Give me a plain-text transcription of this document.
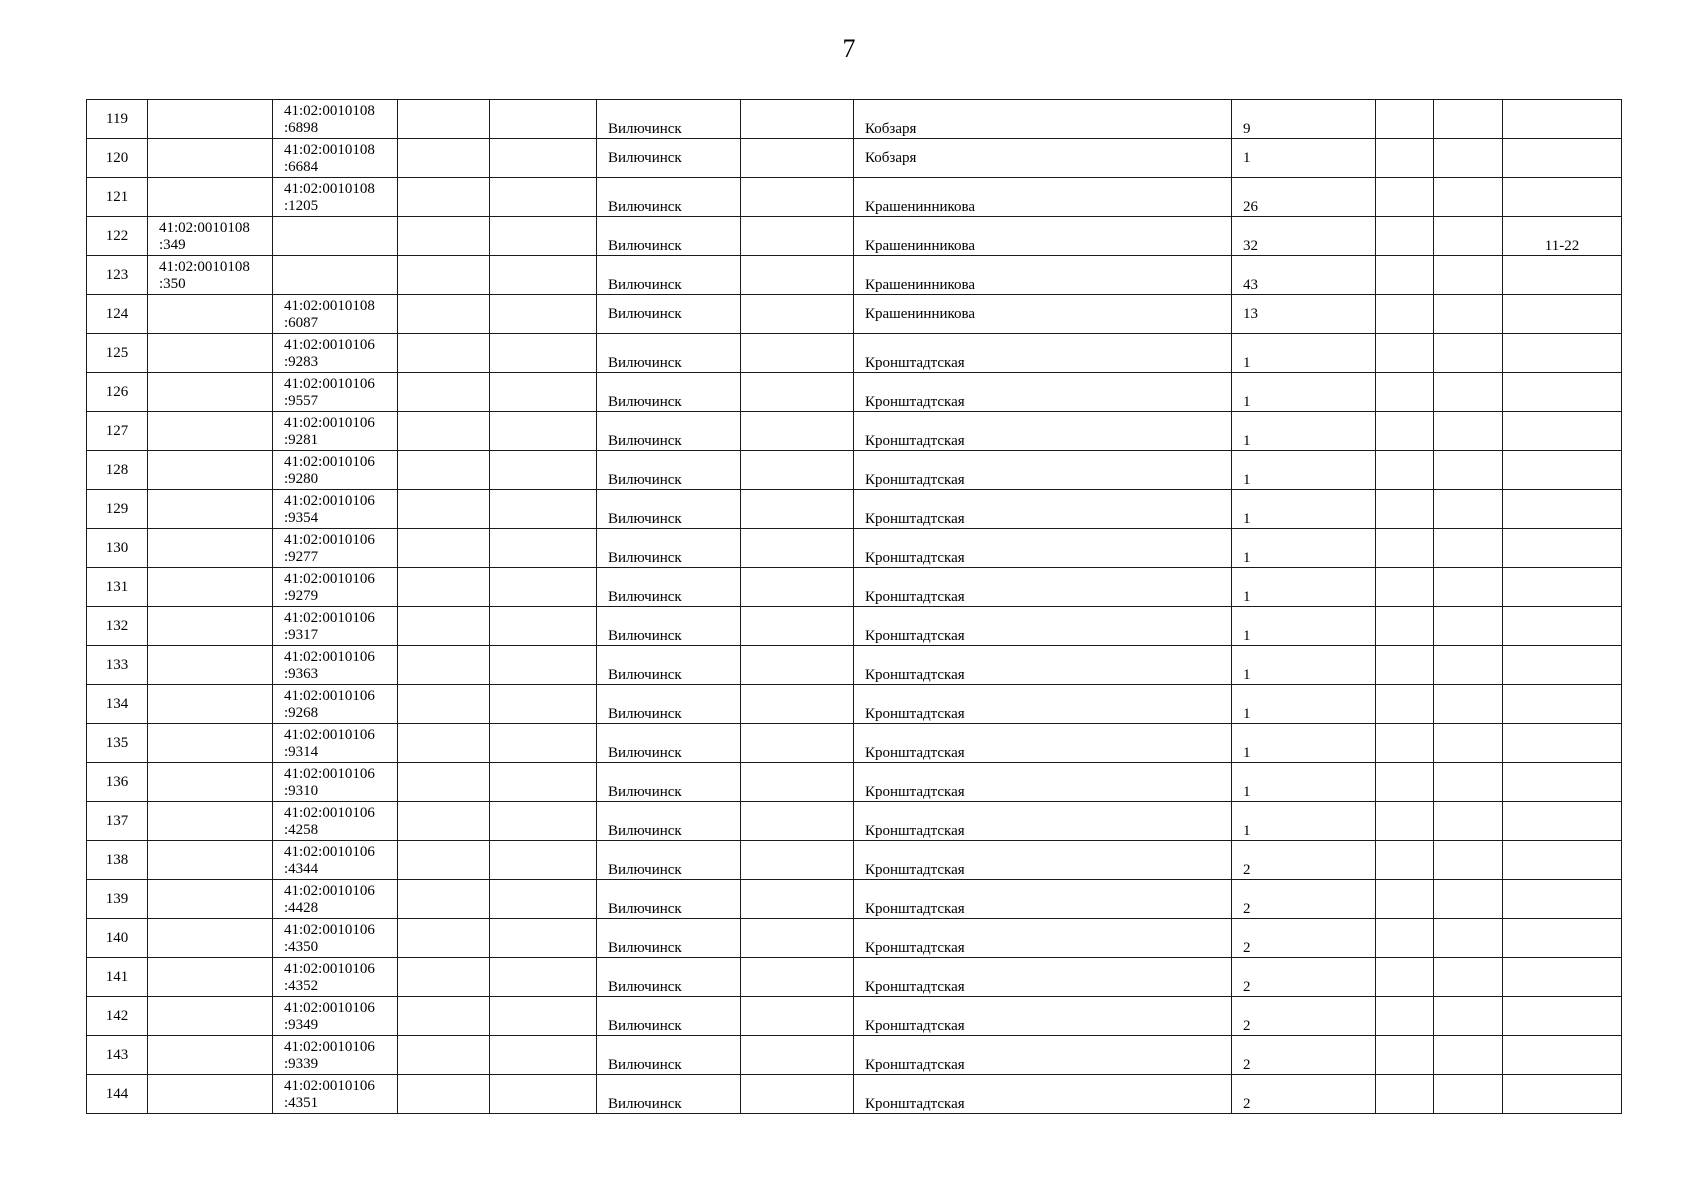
7
119		41:02:0010108
:6898			Вилючинск		Кобзаря	9			
120		41:02:0010108
:6684			Вилючинск		Кобзаря	1			
121		41:02:0010108
:1205			Вилючинск		Крашенинникова	26			
122	41:02:0010108
:349				Вилючинск		Крашенинникова	32			11-22
123	41:02:0010108
:350				Вилючинск		Крашенинникова	43			
124		41:02:0010108
:6087			Вилючинск		Крашенинникова	13			
125		41:02:0010106
:9283			Вилючинск		Кронштадтская	1			
126		41:02:0010106
:9557			Вилючинск		Кронштадтская	1			
127		41:02:0010106
:9281			Вилючинск		Кронштадтская	1			
128		41:02:0010106
:9280			Вилючинск		Кронштадтская	1			
129		41:02:0010106
:9354			Вилючинск		Кронштадтская	1			
130		41:02:0010106
:9277			Вилючинск		Кронштадтская	1			
131		41:02:0010106
:9279			Вилючинск		Кронштадтская	1			
132		41:02:0010106
:9317			Вилючинск		Кронштадтская	1			
133		41:02:0010106
:9363			Вилючинск		Кронштадтская	1			
134		41:02:0010106
:9268			Вилючинск		Кронштадтская	1			
135		41:02:0010106
:9314			Вилючинск		Кронштадтская	1			
136		41:02:0010106
:9310			Вилючинск		Кронштадтская	1			
137		41:02:0010106
:4258			Вилючинск		Кронштадтская	1			
138		41:02:0010106
:4344			Вилючинск		Кронштадтская	2			
139		41:02:0010106
:4428			Вилючинск		Кронштадтская	2			
140		41:02:0010106
:4350			Вилючинск		Кронштадтская	2			
141		41:02:0010106
:4352			Вилючинск		Кронштадтская	2			
142		41:02:0010106
:9349			Вилючинск		Кронштадтская	2			
143		41:02:0010106
:9339			Вилючинск		Кронштадтская	2			
144		41:02:0010106
:4351			Вилючинск		Кронштадтская	2			
